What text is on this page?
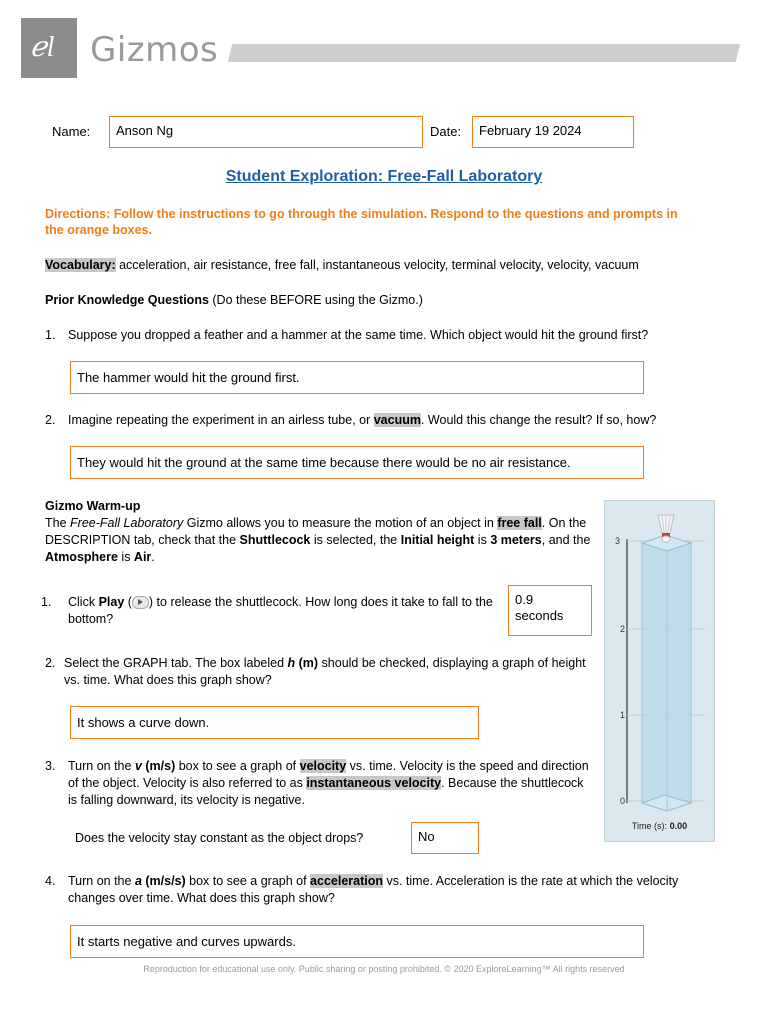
ℯl Gizmos
Name:	Anson Ng	Date:	February 19 2024
Student Exploration: Free-Fall Laboratory
Directions: Follow the instructions to go through the simulation. Respond to the questions and prompts in the orange boxes.
Vocabulary: acceleration, air resistance, free fall, instantaneous velocity, terminal velocity, velocity, vacuum
Prior Knowledge Questions (Do these BEFORE using the Gizmo.)
1. Suppose you dropped a feather and a hammer at the same time. Which object would hit the ground first?
The hammer would hit the ground first.
2. Imagine repeating the experiment in an airless tube, or vacuum. Would this change the result? If so, how?
They would hit the ground at the same time because there would be no air resistance.
Gizmo Warm-up
The Free-Fall Laboratory Gizmo allows you to measure the motion of an object in free fall. On the DESCRIPTION tab, check that the Shuttlecock is selected, the Initial height is 3 meters, and the Atmosphere is Air.
1. Click Play ( ) to release the shuttlecock. How long does it take to fall to the bottom?
0.9
seconds
2. Select the GRAPH tab. The box labeled h (m) should be checked, displaying a graph of height vs. time. What does this graph show?
It shows a curve down.
3. Turn on the v (m/s) box to see a graph of velocity vs. time. Velocity is the speed and direction of the object. Velocity is also referred to as instantaneous velocity. Because the shuttlecock is falling downward, its velocity is negative.
Does the velocity stay constant as the object drops?	No
4. Turn on the a (m/s/s) box to see a graph of acceleration vs. time. Acceleration is the rate at which the velocity changes over time. What does this graph show?
It starts negative and curves upwards.
3
2
1
0
Time (s): 0.00
Reproduction for educational use only. Public sharing or posting prohibited. © 2020 ExploreLearning™ All rights reserved
